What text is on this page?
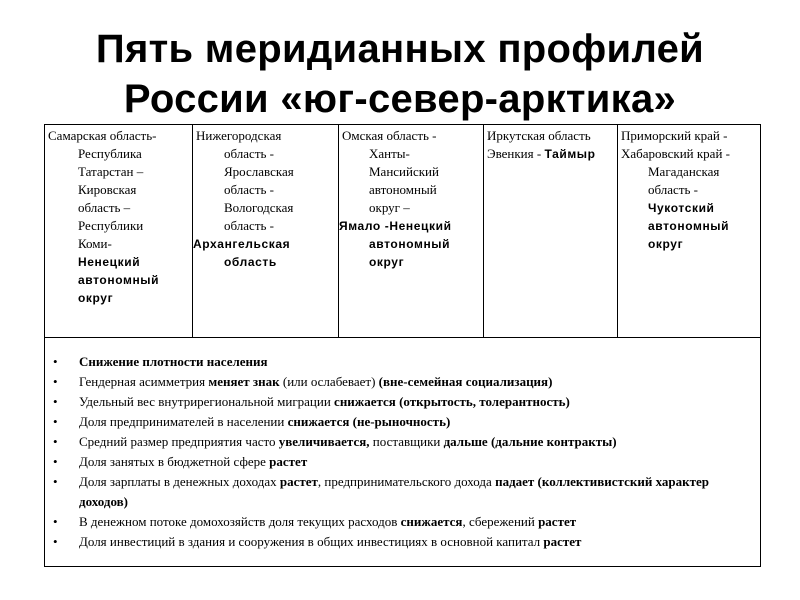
Пять меридианных профилей
России «юг-север-арктика»
Самарская область-
Республика
Татарстан –
Кировская
область –
Республики
Коми-
Ненецкий
автономный
округ

Нижегородская
область -
Ярославская
область -
Вологодская
область -
Архангельская
область

Омская область -
Ханты-
Мансийский
автономный
округ –
Ямало -Ненецкий
автономный
округ

Иркутская область
Эвенкия - Таймыр

Приморский край -
Хабаровский край -
Магаданская
область -
Чукотский
автономный
округ

• Снижение плотности населения
• Гендерная асимметрия меняет знак (или ослабевает) (вне-семейная социализация)
• Удельный вес внутрирегиональной миграции снижается (открытость, толерантность)
• Доля предпринимателей в населении снижается (не-рыночность)
• Средний размер предприятия часто увеличивается, поставщики дальше (дальние контракты)
• Доля занятых в бюджетной сфере растет
• Доля зарплаты в денежных доходах растет, предпринимательского дохода падает (коллективистский характер доходов)
• В денежном потоке домохозяйств доля текущих расходов снижается, сбережений растет
• Доля инвестиций в здания и сооружения в общих инвестициях в основной капитал растет
